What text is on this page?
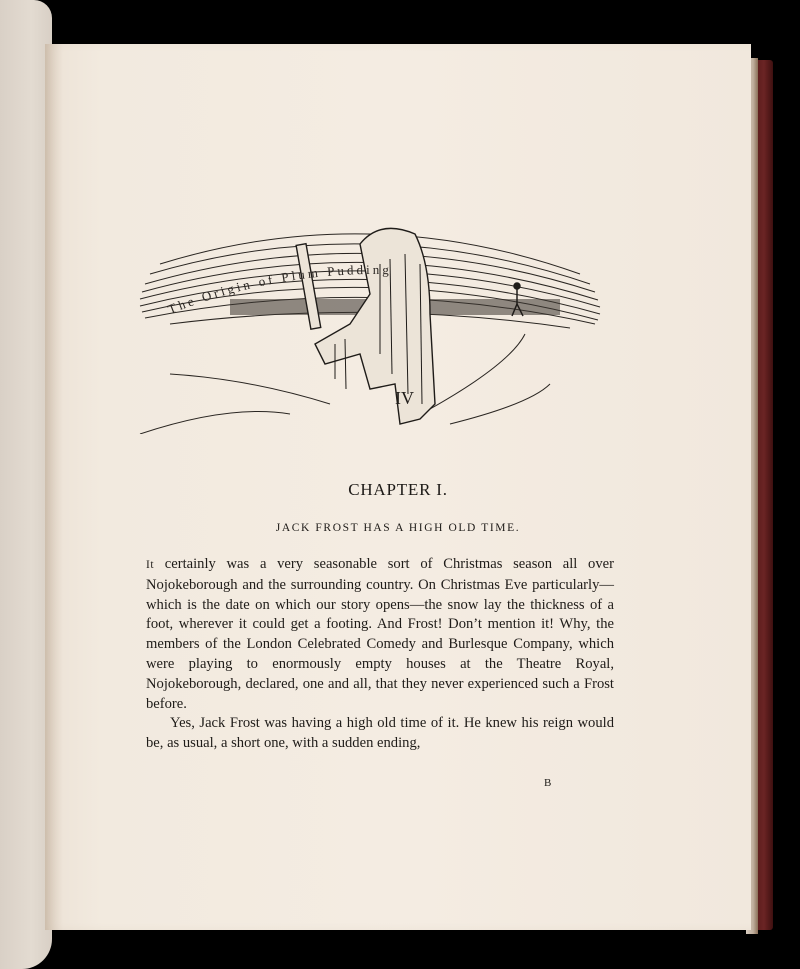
IV
The Origin of Plum Pudding
CHAPTER I.
JACK FROST HAS A HIGH OLD TIME.

It certainly was a very seasonable sort of Christmas season all over Nojokeborough and the surrounding country. On Christmas Eve particularly—which is the date on which our story opens—the snow lay the thickness of a foot, wherever it could get a footing. And Frost! Don’t mention it! Why, the members of the London Celebrated Comedy and Burlesque Company, which were playing to enormously empty houses at the Theatre Royal, Nojokeborough, declared, one and all, that they never experienced such a Frost before.

Yes, Jack Frost was having a high old time of it. He knew his reign would be, as usual, a short one, with a sudden ending,

B
